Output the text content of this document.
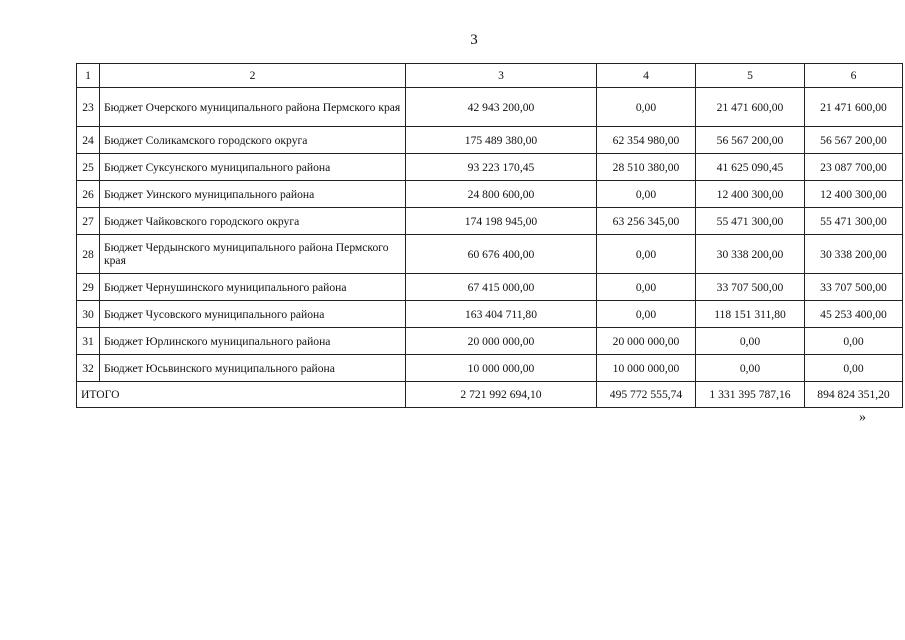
3
1	2	3	4	5	6
23	Бюджет Очерского муниципального района Пермского края	42 943 200,00	0,00	21 471 600,00	21 471 600,00
24	Бюджет Соликамского городского округа	175 489 380,00	62 354 980,00	56 567 200,00	56 567 200,00
25	Бюджет Суксунского муниципального района	93 223 170,45	28 510 380,00	41 625 090,45	23 087 700,00
26	Бюджет Уинского муниципального района	24 800 600,00	0,00	12 400 300,00	12 400 300,00
27	Бюджет Чайковского городского округа	174 198 945,00	63 256 345,00	55 471 300,00	55 471 300,00
28	Бюджет Чердынского муниципального района Пермского края	60 676 400,00	0,00	30 338 200,00	30 338 200,00
29	Бюджет Чернушинского муниципального района	67 415 000,00	0,00	33 707 500,00	33 707 500,00
30	Бюджет Чусовского муниципального района	163 404 711,80	0,00	118 151 311,80	45 253 400,00
31	Бюджет Юрлинского муниципального района	20 000 000,00	20 000 000,00	0,00	0,00
32	Бюджет Юсьвинского муниципального района	10 000 000,00	10 000 000,00	0,00	0,00
ИТОГО		2 721 992 694,10	495 772 555,74	1 331 395 787,16	894 824 351,20
»
